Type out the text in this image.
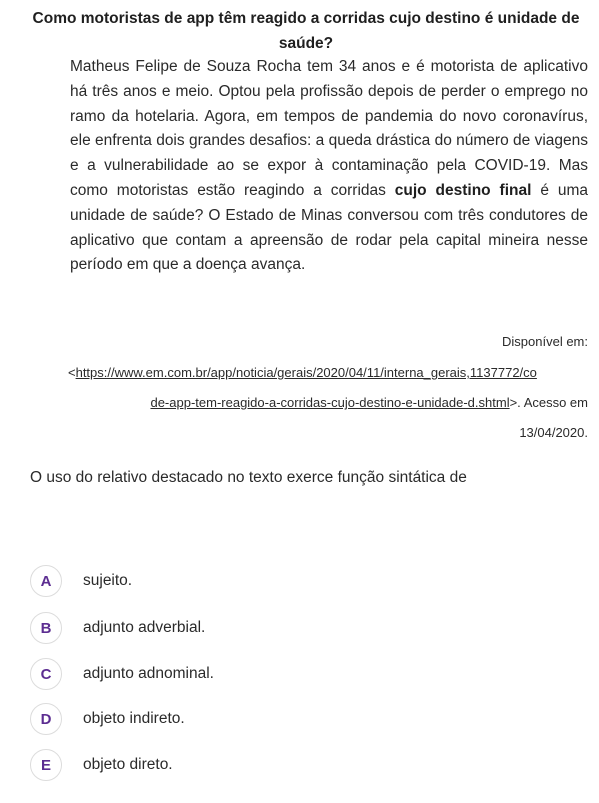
Como motoristas de app têm reagido a corridas cujo destino é unidade de saúde?

Matheus Felipe de Souza Rocha tem 34 anos e é motorista de aplicativo há três anos e meio. Optou pela profissão depois de perder o emprego no ramo da hotelaria. Agora, em tempos de pandemia do novo coronavírus, ele enfrenta dois grandes desafios: a queda drástica do número de viagens e a vulnerabilidade ao se expor à contaminação pela COVID-19. Mas como motoristas estão reagindo a corridas cujo destino final é uma unidade de saúde? O Estado de Minas conversou com três condutores de aplicativo que contam a apreensão de rodar pela capital mineira nesse período em que a doença avança.

Disponível em:
<https://www.em.com.br/app/noticia/gerais/2020/04/11/interna_gerais,1137772/co
de-app-tem-reagido-a-corridas-cujo-destino-e-unidade-d.shtml>. Acesso em
13/04/2020.
O uso do relativo destacado no texto exerce função sintática de
A	sujeito.
B	adjunto adverbial.
C	adjunto adnominal.
D	objeto indireto.
E	objeto direto.
